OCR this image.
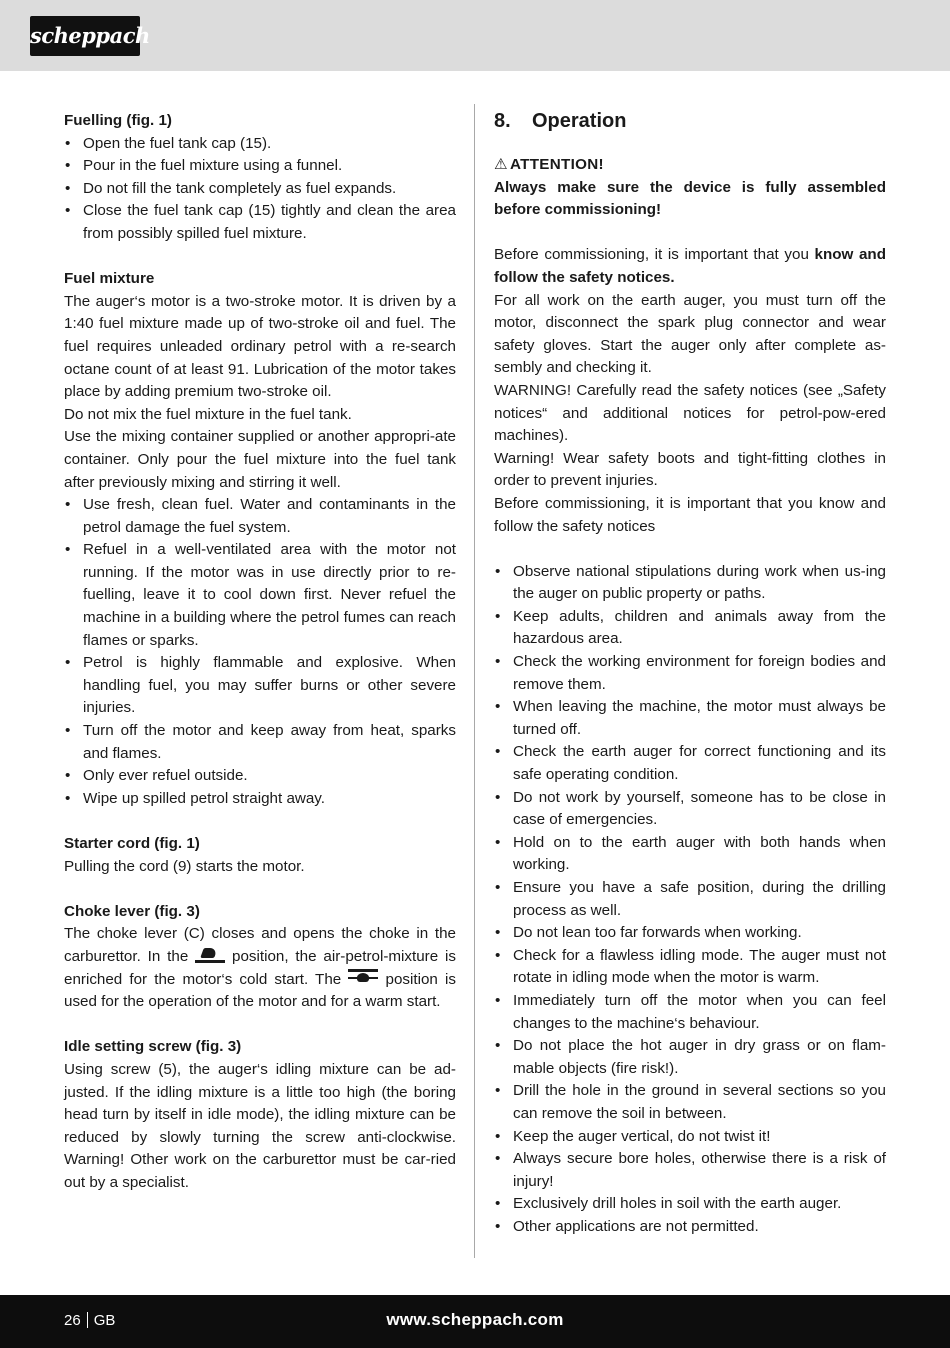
scheppach

Fuelling (fig. 1)

• Open the fuel tank cap (15).
• Pour in the fuel mixture using a funnel.
• Do not fill the tank completely as fuel expands.
• Close the fuel tank cap (15) tightly and clean the area from possibly spilled fuel mixture.

Fuel mixture

The auger‘s motor is a two-stroke motor. It is driven by a 1:40 fuel mixture made up of two-stroke oil and fuel. The fuel requires unleaded ordinary petrol with a re-search octane count of at least 91. Lubrication of the motor takes place by adding premium two-stroke oil.

Do not mix the fuel mixture in the fuel tank.

Use the mixing container supplied or another appropri-ate container. Only pour the fuel mixture into the fuel tank after previously mixing and stirring it well.

• Use fresh, clean fuel. Water and contaminants in the petrol damage the fuel system.
• Refuel in a well-ventilated area with the motor not running. If the motor was in use directly prior to re-fuelling, leave it to cool down first. Never refuel the machine in a building where the petrol fumes can reach flames or sparks.
• Petrol is highly flammable and explosive. When handling fuel, you may suffer burns or other severe injuries.
• Turn off the motor and keep away from heat, sparks and flames.
• Only ever refuel outside.
• Wipe up spilled petrol straight away.

Starter cord (fig. 1)

Pulling the cord (9) starts the motor.

Choke lever (fig. 3)

The choke lever (C) closes and opens the choke in the carburettor. In the	position, the air-petrol-mixture is enriched for the motor‘s cold start. The	position is used for the operation of the motor and for a warm start.

Idle setting screw (fig. 3)

Using screw (5), the auger‘s idling mixture can be ad-justed. If the idling mixture is a little too high (the boring head turn by itself in idle mode), the idling mixture can be reduced by slowly turning the screw anti-clockwise. Warning! Other work on the carburettor must be car-ried out by a specialist.

8. Operation

⚠ ATTENTION!

Always make sure the device is fully assembled before commissioning!

Before commissioning, it is important that you know and follow the safety notices.

For all work on the earth auger, you must turn off the motor, disconnect the spark plug connector and wear safety gloves. Start the auger only after complete as-sembly and checking it.

WARNING! Carefully read the safety notices (see „Safety notices“ and additional notices for petrol-pow-ered machines).

Warning! Wear safety boots and tight-fitting clothes in order to prevent injuries.

Before commissioning, it is important that you know and follow the safety notices

• Observe national stipulations during work when us-ing the auger on public property or paths.
• Keep adults, children and animals away from the hazardous area.
• Check the working environment for foreign bodies and remove them.
• When leaving the machine, the motor must always be turned off.
• Check the earth auger for correct functioning and its safe operating condition.
• Do not work by yourself, someone has to be close in case of emergencies.
• Hold on to the earth auger with both hands when working.
• Ensure you have a safe position, during the drilling process as well.
• Do not lean too far forwards when working.
• Check for a flawless idling mode. The auger must not rotate in idling mode when the motor is warm.
• Immediately turn off the motor when you can feel changes to the machine‘s behaviour.
• Do not place the hot auger in dry grass or on flam-mable objects (fire risk!).
• Drill the hole in the ground in several sections so you can remove the soil in between.
• Keep the auger vertical, do not twist it!
• Always secure bore holes, otherwise there is a risk of injury!
• Exclusively drill holes in soil with the earth auger.
• Other applications are not permitted.
26 GB	www.scheppach.com
